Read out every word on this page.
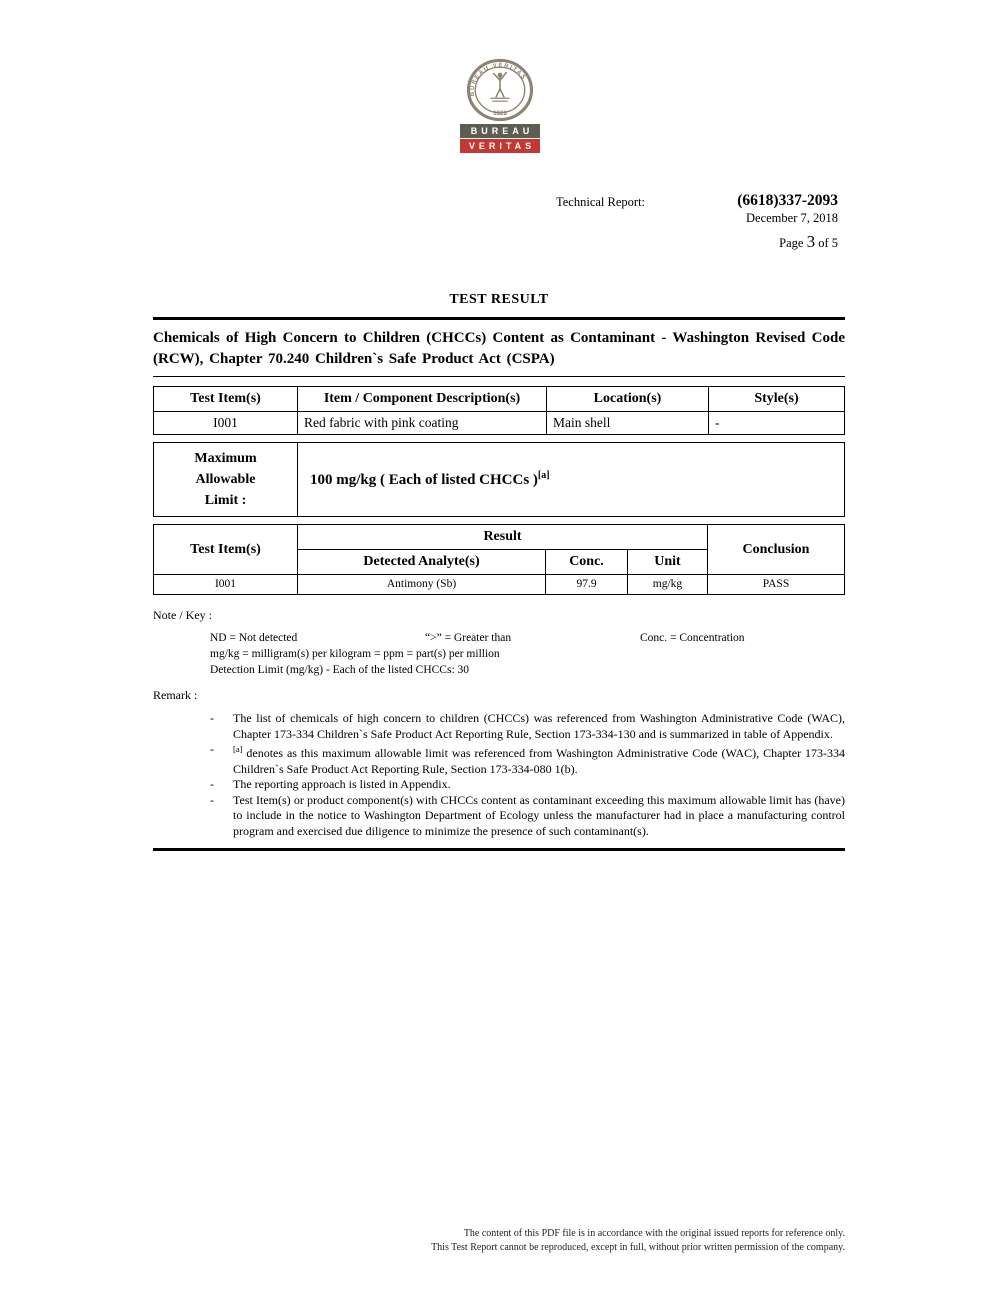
BUREAU VERITAS
1828
BUREAU
VERITAS
Technical Report:	(6618)337-2093
December 7, 2018
Page 3 of 5
TEST RESULT
Chemicals of High Concern to Children (CHCCs) Content as Contaminant - Washington Revised Code (RCW), Chapter 70.240 Children`s Safe Product Act (CSPA)
Test Item(s)	Item / Component Description(s)	Location(s)	Style(s)
I001	Red fabric with pink coating	Main shell	-
Maximum
Allowable
Limit :
	100 mg/kg ( Each of listed CHCCs )[a]
Test Item(s)	Result			Conclusion
	Detected Analyte(s)	Conc.	Unit	
I001	Antimony (Sb)	97.9	mg/kg	PASS
Note / Key :
ND = Not detected	“>” = Greater than	Conc. = Concentration
mg/kg = milligram(s) per kilogram = ppm = part(s) per million
Detection Limit (mg/kg) - Each of the listed CHCCs: 30
Remark :
-	The list of chemicals of high concern to children (CHCCs) was referenced from Washington Administrative Code (WAC), Chapter 173-334 Children`s Safe Product Act Reporting Rule, Section 173-334-130 and is summarized in table of Appendix.
-	[a] denotes as this maximum allowable limit was referenced from Washington Administrative Code (WAC), Chapter 173-334 Children`s Safe Product Act Reporting Rule, Section 173-334-080 1(b).
-	The reporting approach is listed in Appendix.
-	Test Item(s) or product component(s) with CHCCs content as contaminant exceeding this maximum allowable limit has (have) to include in the notice to Washington Department of Ecology unless the manufacturer had in place a manufacturing control program and exercised due diligence to minimize the presence of such contaminant(s).
The content of this PDF file is in accordance with the original issued reports for reference only.
This Test Report cannot be reproduced, except in full, without prior written permission of the company.
